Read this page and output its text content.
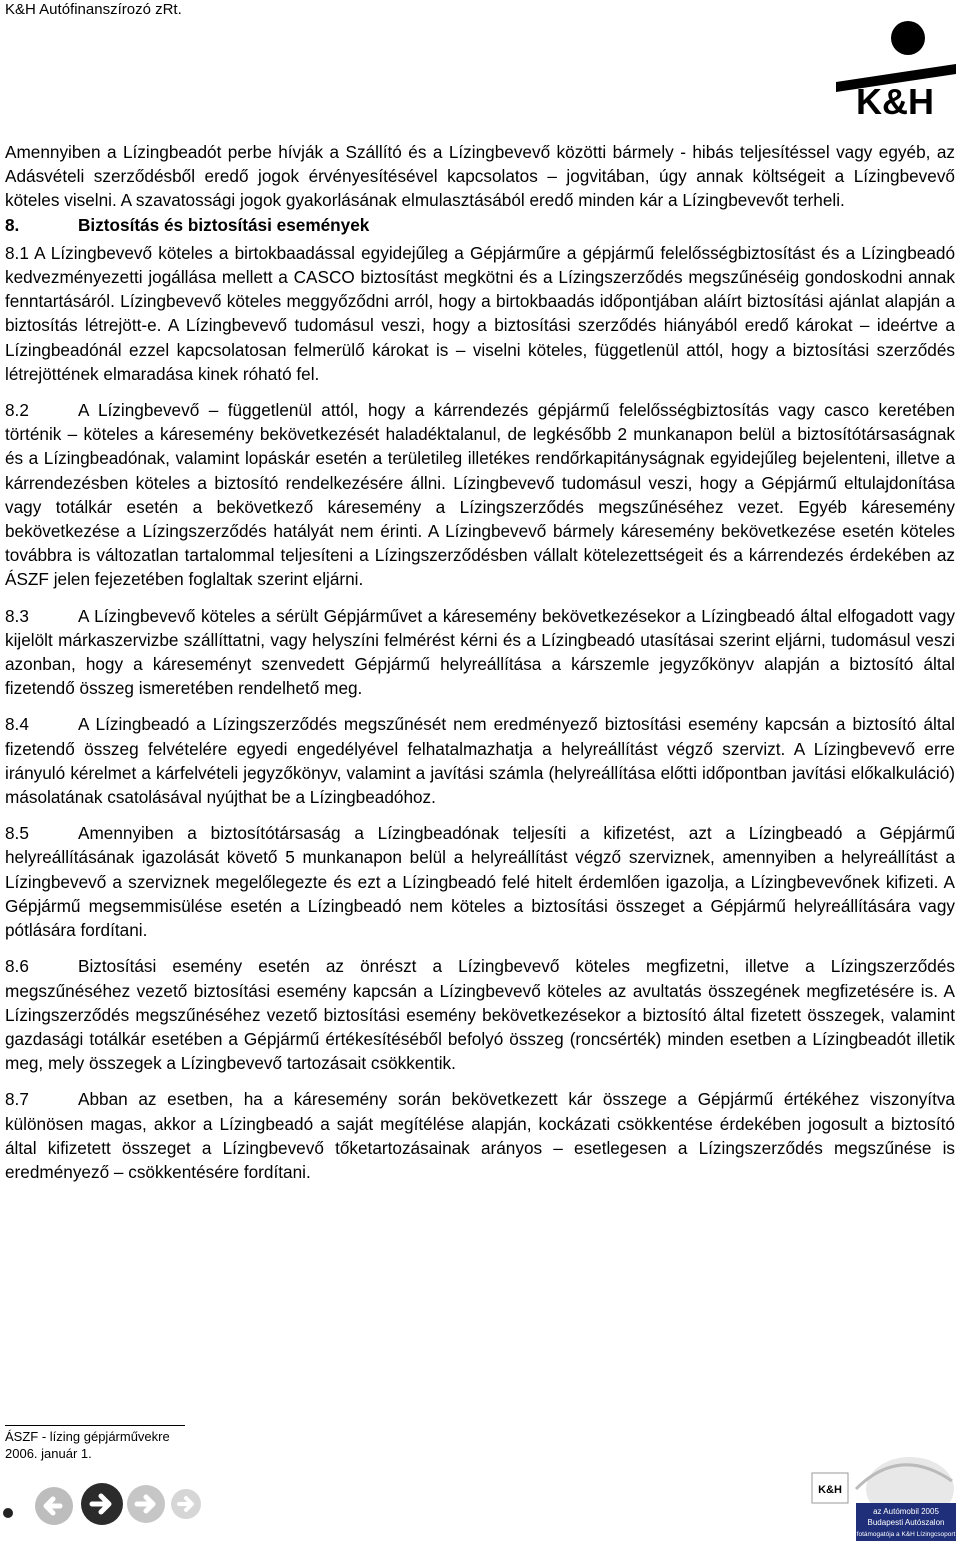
K&H Autófinanszírozó zRt.
K&H

Amennyiben a Lízingbeadót perbe hívják a Szállító és a Lízingbevevő közötti bármely - hibás teljesítéssel vagy egyéb, az Adásvételi szerződésből eredő jogok érvényesítésével kapcsolatos – jogvitában, úgy annak költségeit a Lízingbevevő köteles viselni. A szavatossági jogok gyakorlásának elmulasztásából eredő minden kár a Lízingbevevőt terheli.

8.	Biztosítás és biztosítási események

8.1 A Lízingbevevő köteles a birtokbaadással egyidejűleg a Gépjárműre a gépjármű felelősségbiztosítást és a Lízingbeadó kedvezményezetti jogállása mellett a CASCO biztosítást megkötni és a Lízingszerződés megszűnéséig gondoskodni annak fenntartásáról. Lízingbevevő köteles meggyőződni arról, hogy a birtokbaadás időpontjában aláírt biztosítási ajánlat alapján a biztosítás létrejött-e. A Lízingbevevő tudomásul veszi, hogy a biztosítási szerződés hiányából eredő károkat – ideértve a Lízingbeadónál ezzel kapcsolatosan felmerülő károkat is – viselni köteles, függetlenül attól, hogy a biztosítási szerződés létrejöttének elmaradása kinek róható fel.

8.2	A Lízingbevevő – függetlenül attól, hogy a kárrendezés gépjármű felelősségbiztosítás vagy casco keretében történik – köteles a káresemény bekövetkezését haladéktalanul, de legkésőbb 2 munkanapon belül a biztosítótársaságnak és a Lízingbeadónak, valamint lopáskár esetén a területileg illetékes rendőrkapitányságnak egyidejűleg bejelenteni, illetve a kárrendezésben köteles a biztosító rendelkezésére állni. Lízingbevevő tudomásul veszi, hogy a Gépjármű eltulajdonítása vagy totálkár esetén a bekövetkező káresemény a Lízingszerződés megszűnéséhez vezet. Egyéb káresemény bekövetkezése a Lízingszerződés hatályát nem érinti. A Lízingbevevő bármely káresemény bekövetkezése esetén köteles továbbra is változatlan tartalommal teljesíteni a Lízingszerződésben vállalt kötelezettségeit és a kárrendezés érdekében az ÁSZF jelen fejezetében foglaltak szerint eljárni.

8.3	A Lízingbevevő köteles a sérült Gépjárművet a káresemény bekövetkezésekor a Lízingbeadó által elfogadott vagy kijelölt márkaszervizbe szállíttatni, vagy helyszíni felmérést kérni és a Lízingbeadó utasításai szerint eljárni, tudomásul veszi azonban, hogy a káreseményt szenvedett Gépjármű helyreállítása a kárszemle jegyzőkönyv alapján a biztosító által fizetendő összeg ismeretében rendelhető meg.

8.4	A Lízingbeadó a Lízingszerződés megszűnését nem eredményező biztosítási esemény kapcsán a biztosító által fizetendő összeg felvételére egyedi engedélyével felhatalmazhatja a helyreállítást végző szervizt. A Lízingbevevő erre irányuló kérelmet a kárfelvételi jegyzőkönyv, valamint a javítási számla (helyreállítása előtti időpontban javítási előkalkuláció) másolatának csatolásával nyújthat be a Lízingbeadóhoz.

8.5	Amennyiben a biztosítótársaság a Lízingbeadónak teljesíti a kifizetést, azt a Lízingbeadó a Gépjármű helyreállításának igazolását követő 5 munkanapon belül a helyreállítást végző szerviznek, amennyiben a helyreállítást a Lízingbevevő a szerviznek megelőlegezte és ezt a Lízingbeadó felé hitelt érdemlően igazolja, a Lízingbevevőnek kifizeti. A Gépjármű megsemmisülése esetén a Lízingbeadó nem köteles a biztosítási összeget a Gépjármű helyreállítására vagy pótlására fordítani.

8.6	Biztosítási esemény esetén az önrészt a Lízingbevevő köteles megfizetni, illetve a Lízingszerződés megszűnéséhez vezető biztosítási esemény kapcsán a Lízingbevevő köteles az avultatás összegének megfizetésére is. A Lízingszerződés megszűnéséhez vezető biztosítási esemény bekövetkezésekor a biztosító által fizetett összegek, valamint gazdasági totálkár esetében a Gépjármű értékesítéséből befolyó összeg (roncsérték) minden esetben a Lízingbeadót illetik meg, mely összegek a Lízingbevevő tartozásait csökkentik.

8.7	Abban az esetben, ha a káresemény során bekövetkezett kár összege a Gépjármű értékéhez viszonyítva különösen magas, akkor a Lízingbeadó a saját megítélése alapján, kockázati csökkentése érdekében jogosult a biztosító által kifizetett összeget a Lízingbevevő tőketartozásainak arányos – esetlegesen a Lízingszerződés megszűnése is eredményező – csökkentésére fordítani.

ÁSZF - lízing gépjárművekre
2006. január 1.
K&H
az Autómobil 2005
Budapesti Autószalon
fotámogatója a K&H Lízingcsoport
